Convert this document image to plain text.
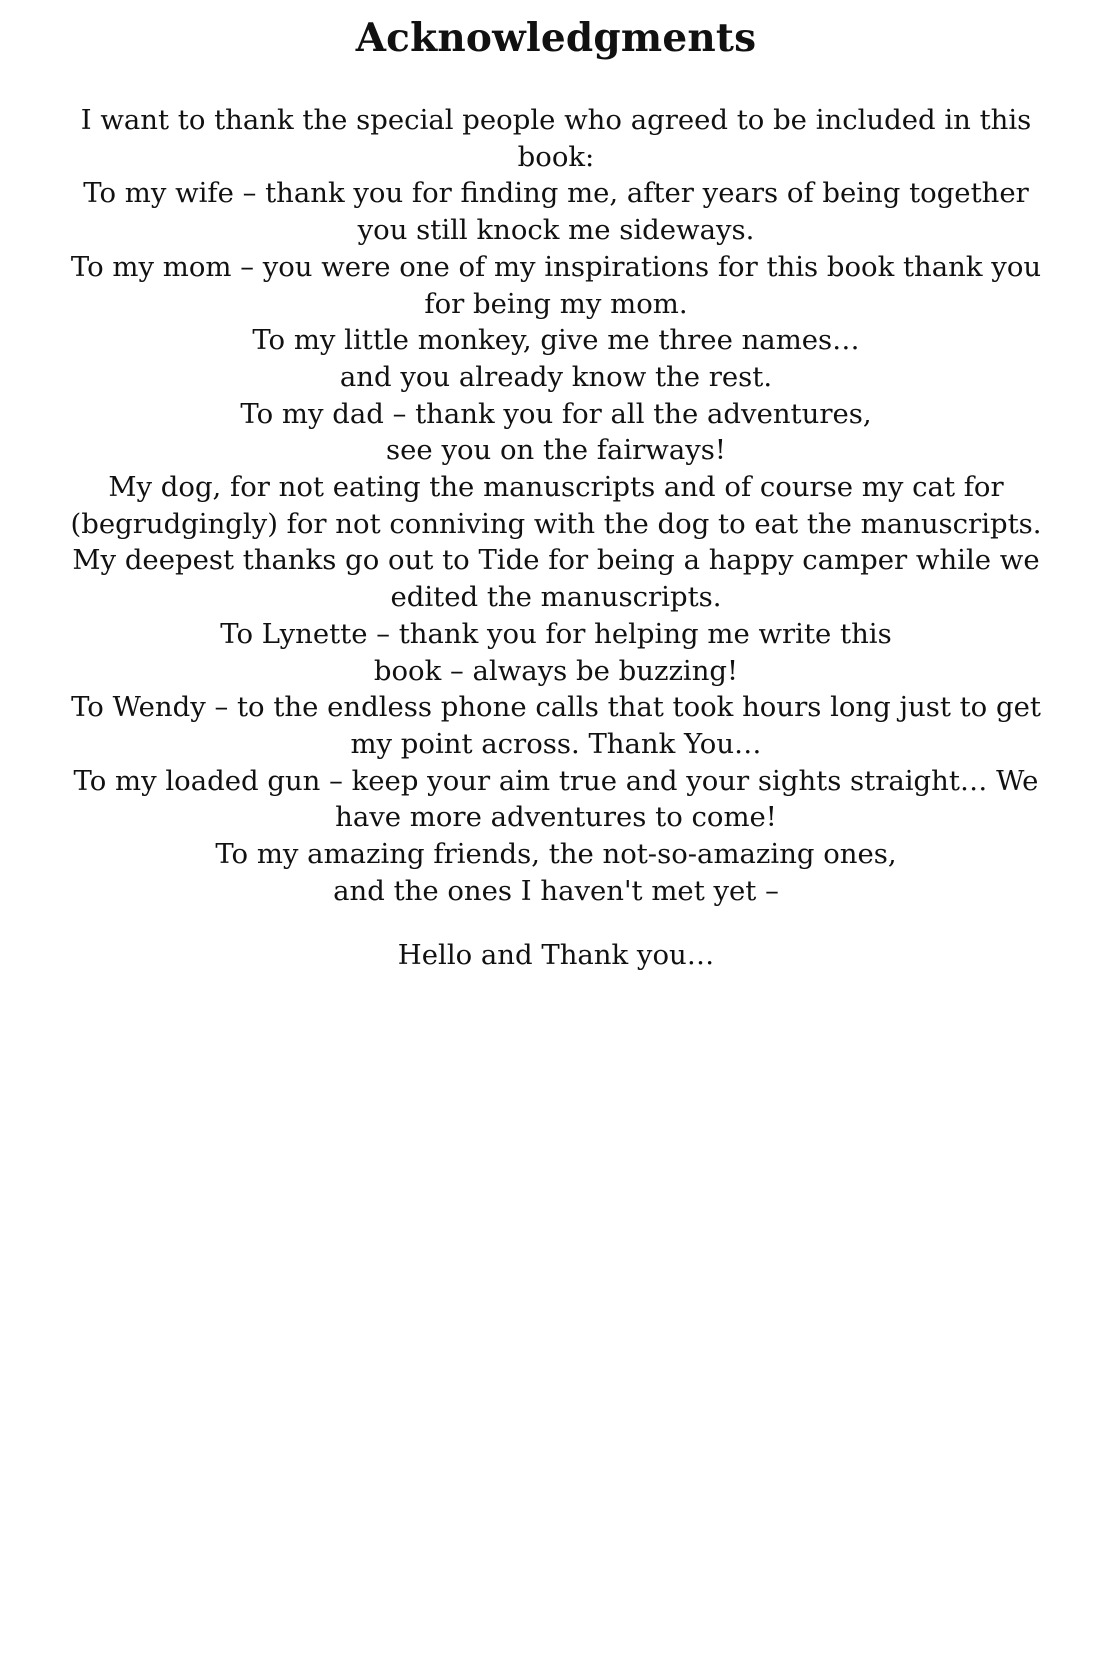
Acknowledgments

I want to thank the special people who agreed to be included in this
book:
To my wife – thank you for finding me, after years of being together
you still knock me sideways.
To my mom – you were one of my inspirations for this book thank you
for being my mom.
To my little monkey, give me three names…
and you already know the rest.
To my dad – thank you for all the adventures,
see you on the fairways!
My dog, for not eating the manuscripts and of course my cat for
(begrudgingly) for not conniving with the dog to eat the manuscripts.
My deepest thanks go out to Tide for being a happy camper while we
edited the manuscripts.
To Lynette – thank you for helping me write this
book – always be buzzing!
To Wendy – to the endless phone calls that took hours long just to get
my point across. Thank You…
To my loaded gun – keep your aim true and your sights straight… We
have more adventures to come!
To my amazing friends, the not-so-amazing ones,
and the ones I haven't met yet –

Hello and Thank you…
